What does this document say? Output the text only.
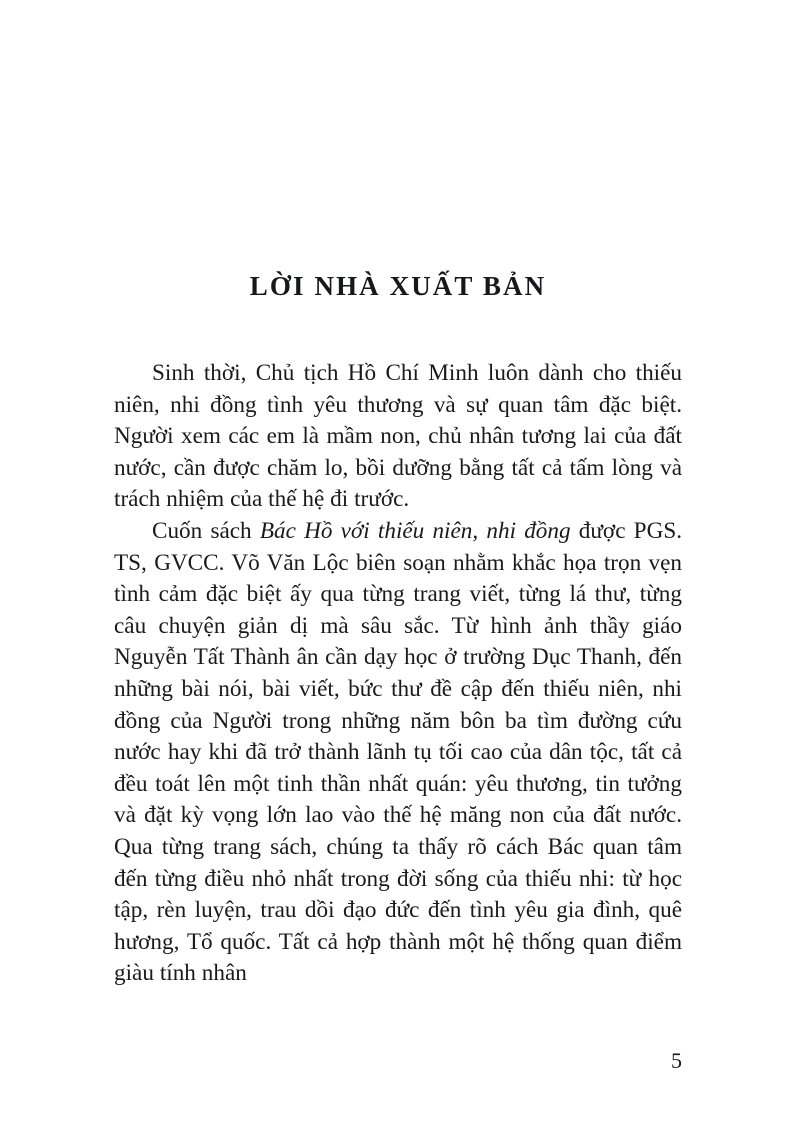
LỜI NHÀ XUẤT BẢN

Sinh thời, Chủ tịch Hồ Chí Minh luôn dành cho thiếu niên, nhi đồng tình yêu thương và sự quan tâm đặc biệt. Người xem các em là mầm non, chủ nhân tương lai của đất nước, cần được chăm lo, bồi dưỡng bằng tất cả tấm lòng và trách nhiệm của thế hệ đi trước.

Cuốn sách Bác Hồ với thiếu niên, nhi đồng được PGS. TS, GVCC. Võ Văn Lộc biên soạn nhằm khắc họa trọn vẹn tình cảm đặc biệt ấy qua từng trang viết, từng lá thư, từng câu chuyện giản dị mà sâu sắc. Từ hình ảnh thầy giáo Nguyễn Tất Thành ân cần dạy học ở trường Dục Thanh, đến những bài nói, bài viết, bức thư đề cập đến thiếu niên, nhi đồng của Người trong những năm bôn ba tìm đường cứu nước hay khi đã trở thành lãnh tụ tối cao của dân tộc, tất cả đều toát lên một tinh thần nhất quán: yêu thương, tin tưởng và đặt kỳ vọng lớn lao vào thế hệ măng non của đất nước. Qua từng trang sách, chúng ta thấy rõ cách Bác quan tâm đến từng điều nhỏ nhất trong đời sống của thiếu nhi: từ học tập, rèn luyện, trau dồi đạo đức đến tình yêu gia đình, quê hương, Tổ quốc. Tất cả hợp thành một hệ thống quan điểm giàu tính nhân

5
